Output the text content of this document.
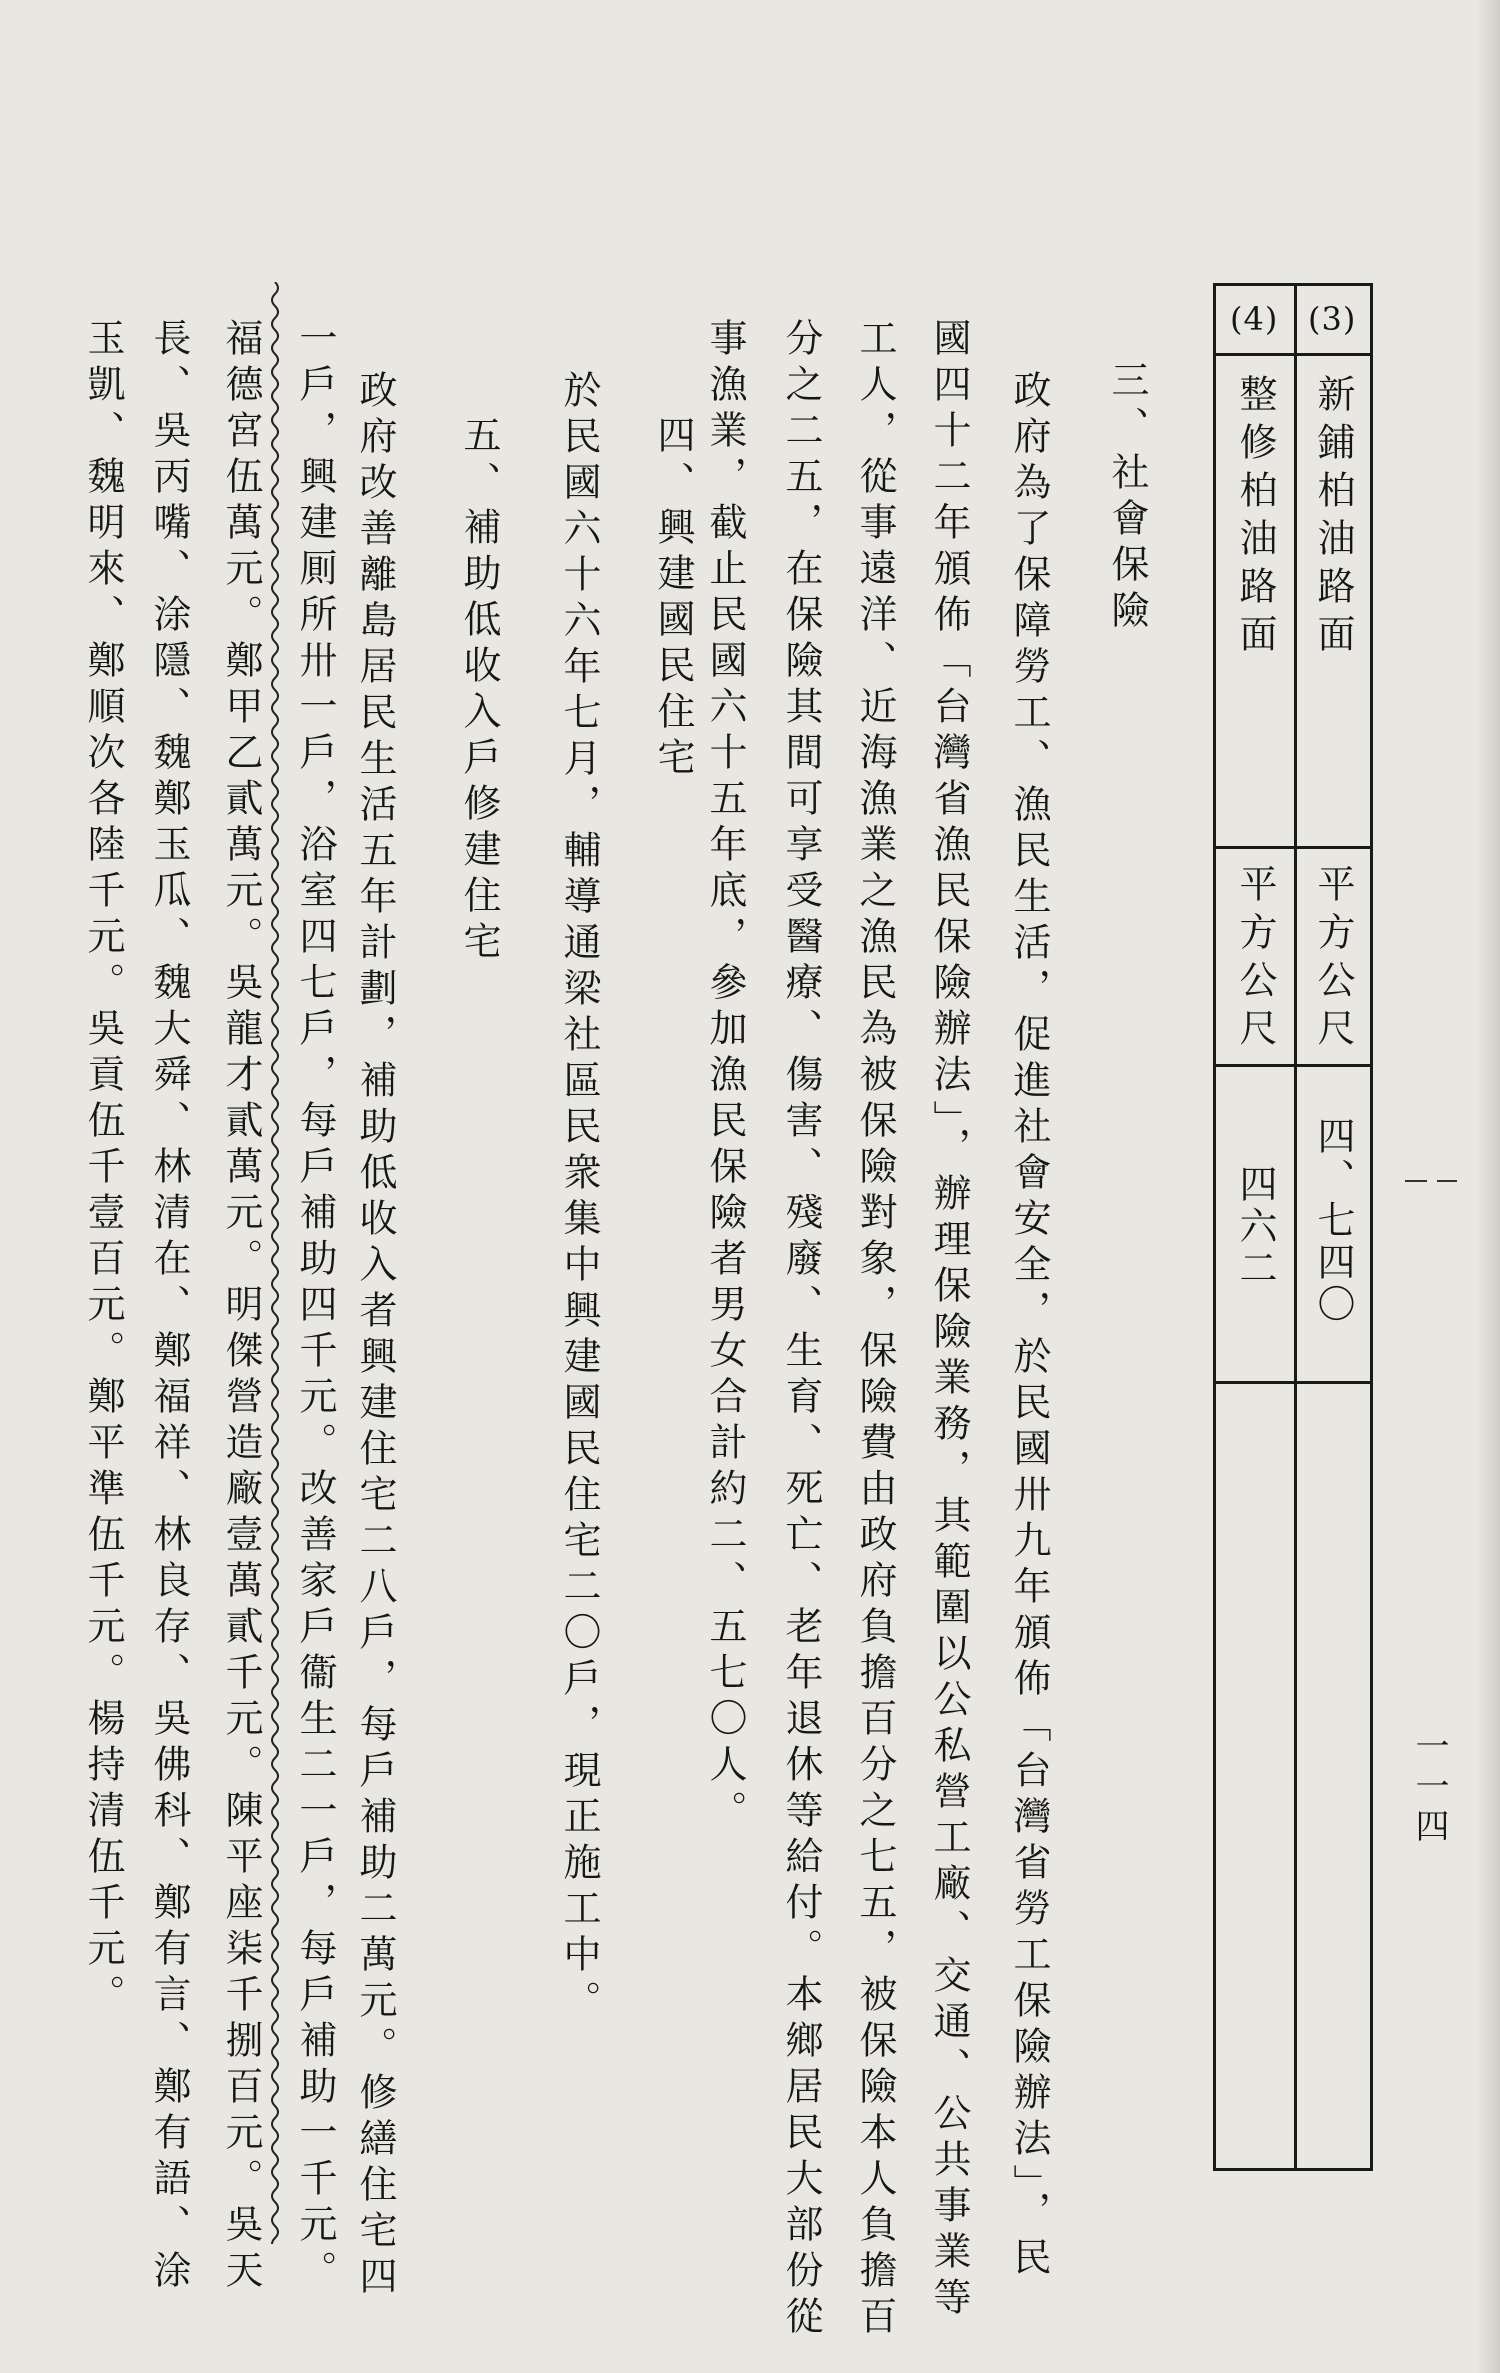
(3)
(4)
新鋪柏油路面
整修柏油路面
平方公尺
平方公尺
四、七四〇
四六二
三、社會保險
政府為了保障勞工、漁民生活，促進社會安全，於民國卅九年頒佈「台灣省勞工保險辦法」，民
國四十二年頒佈「台灣省漁民保險辦法」，辦理保險業務，其範圍以公私營工廠、交通、公共事業等
工人，從事遠洋、近海漁業之漁民為被保險對象，保險費由政府負擔百分之七五，被保險本人負擔百
分之二五，在保險其間可享受醫療、傷害、殘廢、生育、死亡、老年退休等給付。本鄉居民大部份從
事漁業，截止民國六十五年底，參加漁民保險者男女合計約二、五七〇人。
四、興建國民住宅
於民國六十六年七月，輔導通梁社區民衆集中興建國民住宅二〇戶，現正施工中。
五、補助低收入戶修建住宅
政府改善離島居民生活五年計劃，補助低收入者興建住宅二八戶，每戶補助二萬元。修繕住宅四
一戶，興建厠所卅一戶，浴室四七戶，每戶補助四千元。改善家戶衞生二一戶，每戶補助一千元。
福德宮伍萬元。鄭甲乙貳萬元。吳龍才貳萬元。明傑營造廠壹萬貳千元。陳平座柒千捌百元。吳天
長、吳丙嘴、涂隱、魏鄭玉瓜、魏大舜、林清在、鄭福祥、林良存、吳佛科、鄭有言、鄭有語、涂
玉凱、魏明來、鄭順次各陸千元。吳貢伍千壹百元。鄭平準伍千元。楊持清伍千元。	一一四
